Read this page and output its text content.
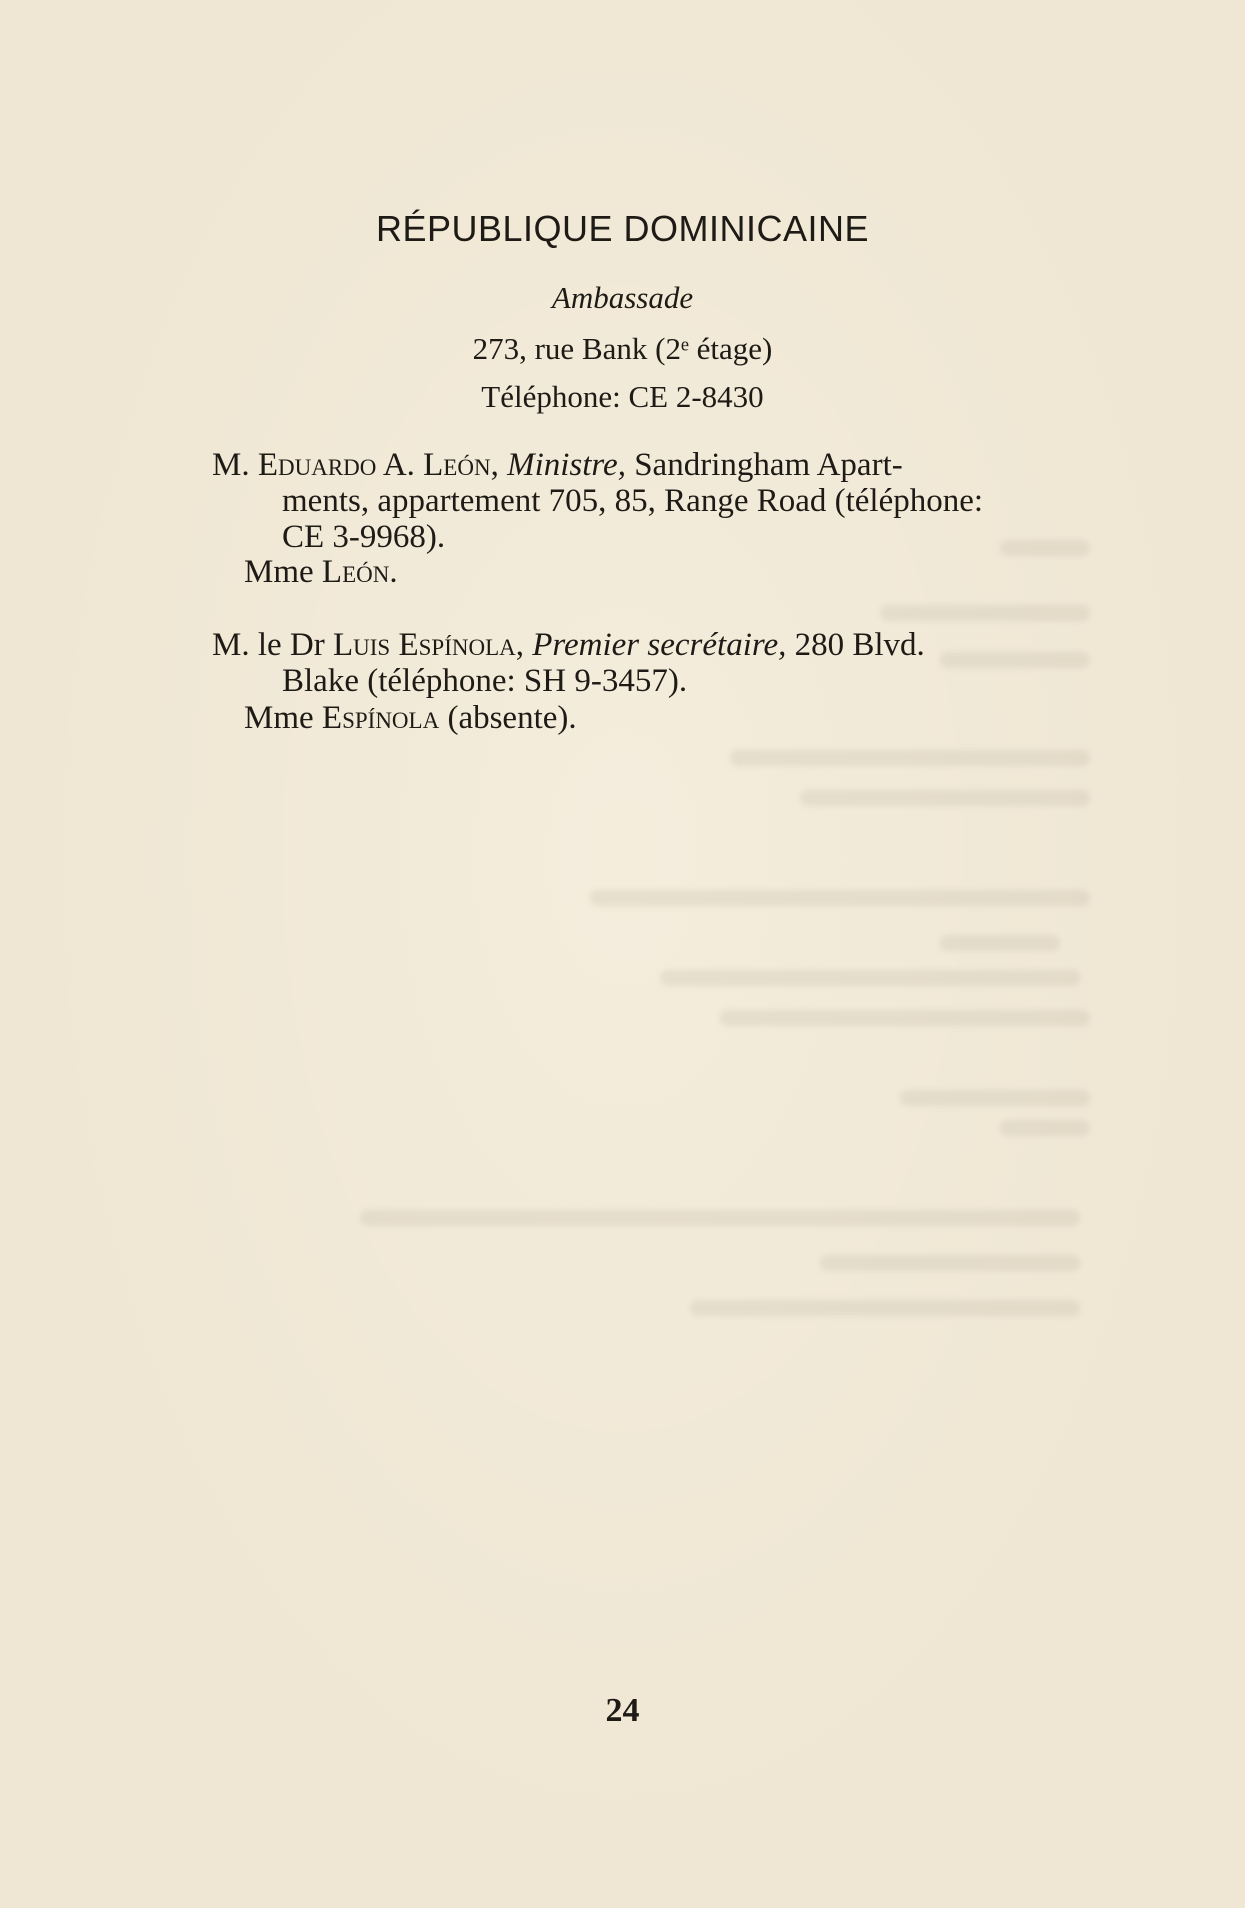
RÉPUBLIQUE DOMINICAINE
Ambassade
273, rue Bank (2ᵉ étage)
Téléphone: CE 2-8430
M. Eduardo A. León, Ministre, Sandringham Apart-
ments, appartement 705, 85, Range Road (téléphone:
CE 3-9968).
Mme León.
M. le Dr Luis Espínola, Premier secrétaire, 280 Blvd.
Blake (téléphone: SH 9-3457).
Mme Espínola (absente).
24
